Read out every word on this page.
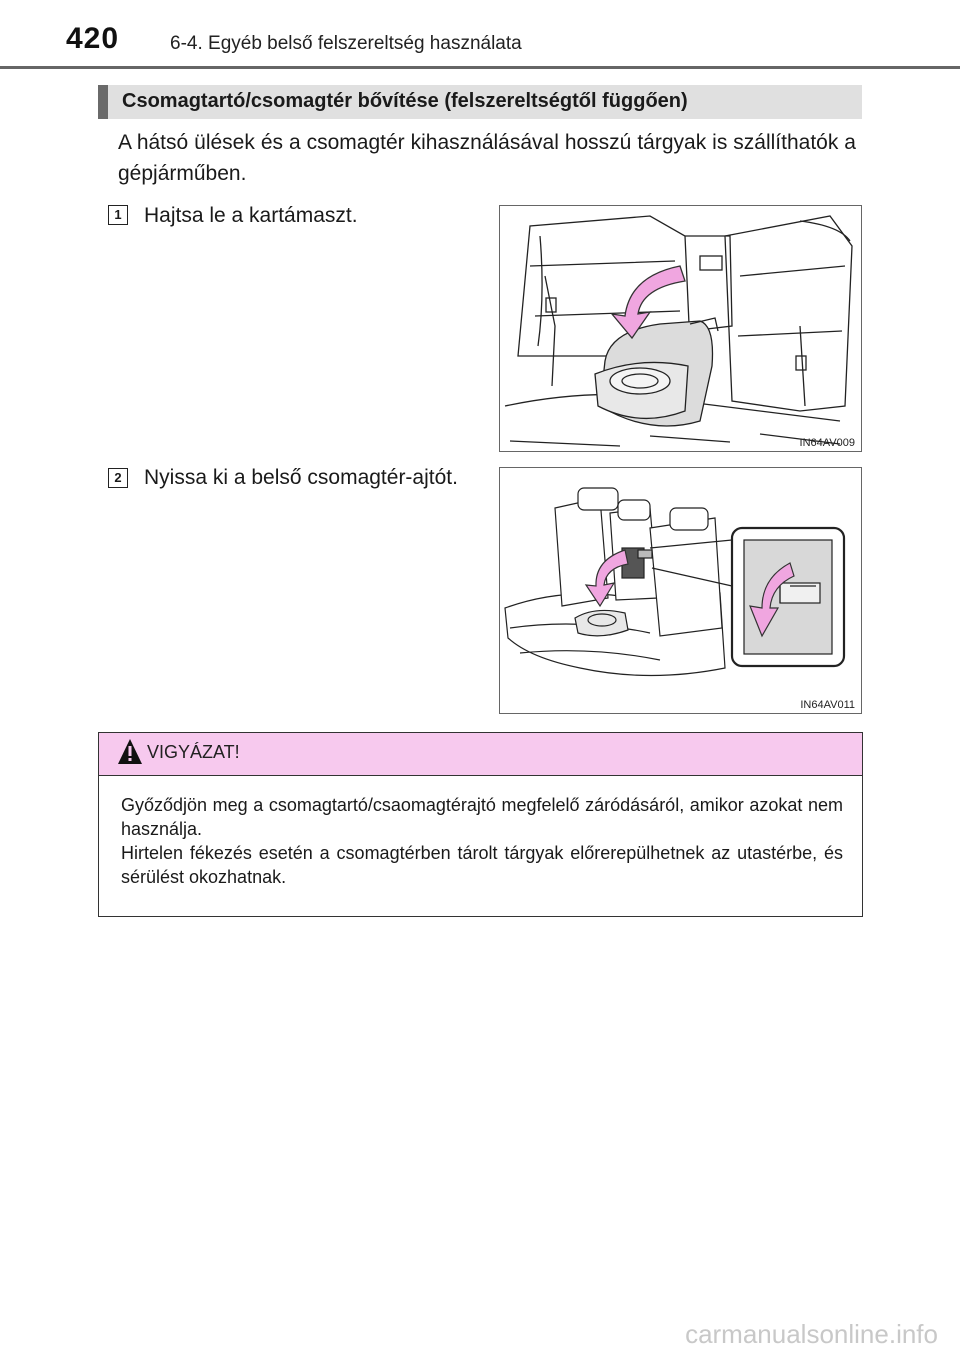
420	6-4. Egyéb belső felszereltség használata
Csomagtartó/csomagtér bővítése (felszereltségtől függően)
A hátsó ülések és a csomagtér kihasználásával hosszú tárgyak is szállíthatók a gépjárműben.
1	Hajtsa le a kartámaszt.
IN64AV009
2	Nyissa ki a belső csomagtér-ajtót.
IN64AV011
VIGYÁZAT!

Győződjön meg a csomagtartó/csaomagtérajtó megfelelő záródásáról, amikor azokat nem használja.

Hirtelen fékezés esetén a csomagtérben tárolt tárgyak előrerepülhetnek az utastérbe, és sérülést okozhatnak.

carmanualsonline.info
